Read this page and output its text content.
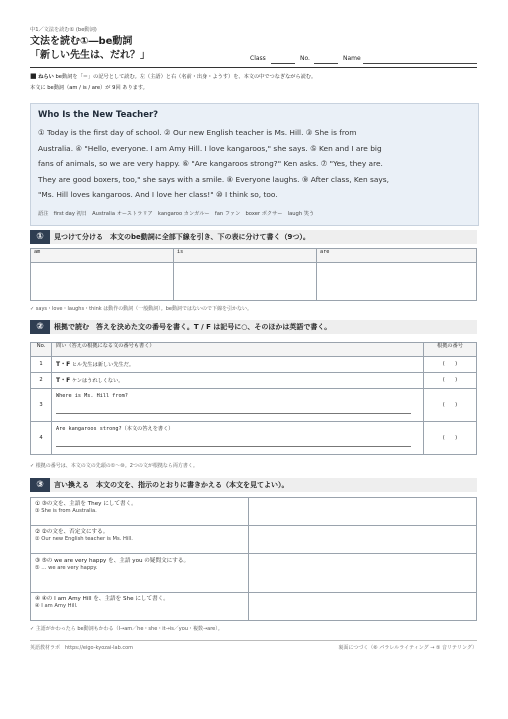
中1／文法を読む① (be動詞)
文法を読む①―be動詞
「新しい先生は、だれ？」	Class	No.	Name
■ ねらい be動詞を「＝」の記号として読む。左（主語）と右（名前・出身・ようす）を、本文の中でつなぎながら読む。
本文に be動詞（am / is / are）が 9回 あります。
Who Is the New Teacher?
① Today is the first day of school. ② Our new English teacher is Ms. Hill. ③ She is from
Australia. ④ "Hello, everyone. I am Amy Hill. I love kangaroos," she says. ⑤ Ken and I are big
fans of animals, so we are very happy. ⑥ "Are kangaroos strong?" Ken asks. ⑦ "Yes, they are.
They are good boxers, too," she says with a smile. ⑧ Everyone laughs. ⑨ After class, Ken says,
"Ms. Hill loves kangaroos. And I love her class!" ⑩ I think so, too.
語注　first day 初日　Australia オーストラリア　kangaroo カンガルー　fan ファン　boxer ボクサー　laugh 笑う
①	見つけて分ける　本文のbe動詞に全部下線を引き、下の表に分けて書く（9つ）。
am	is	are

✓ says・love・laughs・think は動作の動詞（一般動詞）。be動詞ではないので下線を引かない。
②	根拠で読む　答えを決めた文の番号を書く。T / F は記号に○、そのほかは英語で書く。
No.	問い（答えの根拠になる文の番号も書く）	根拠の番号
1	T・F ヒル先生は新しい先生だ。	(　　)
2	T・F ケンはうれしくない。	(　　)
3	Where is Ms. Hill from?	(　　)
4	Are kangaroos strong?（本文の答えを書く）	(　　)
✓ 根拠の番号は、本文の文の先頭の①～⑩。2つの文が根拠なら両方書く。
③	言い換える　本文の文を、指示のとおりに書きかえる（本文を見てよい）。
① ③の文を、主語を They にして書く。
③ She is from Australia.	

② ②の文を、否定文にする。
② Our new English teacher is Ms. Hill.	

③ ⑤の we are very happy を、主語 you の疑問文にする。
⑤ … we are very happy.	

④ ④の I am Amy Hill を、主語を She にして書く。
④ I am Amy Hill.	

✓ 主語がかわったら be動詞もかわる（I→am／he・she・it→is／you・複数→are）。
英語教材ラボ　https://eigo-kyozai-lab.com	裏面につづく（⑥ パラレルライティング → ⑤ 音リテリング）
